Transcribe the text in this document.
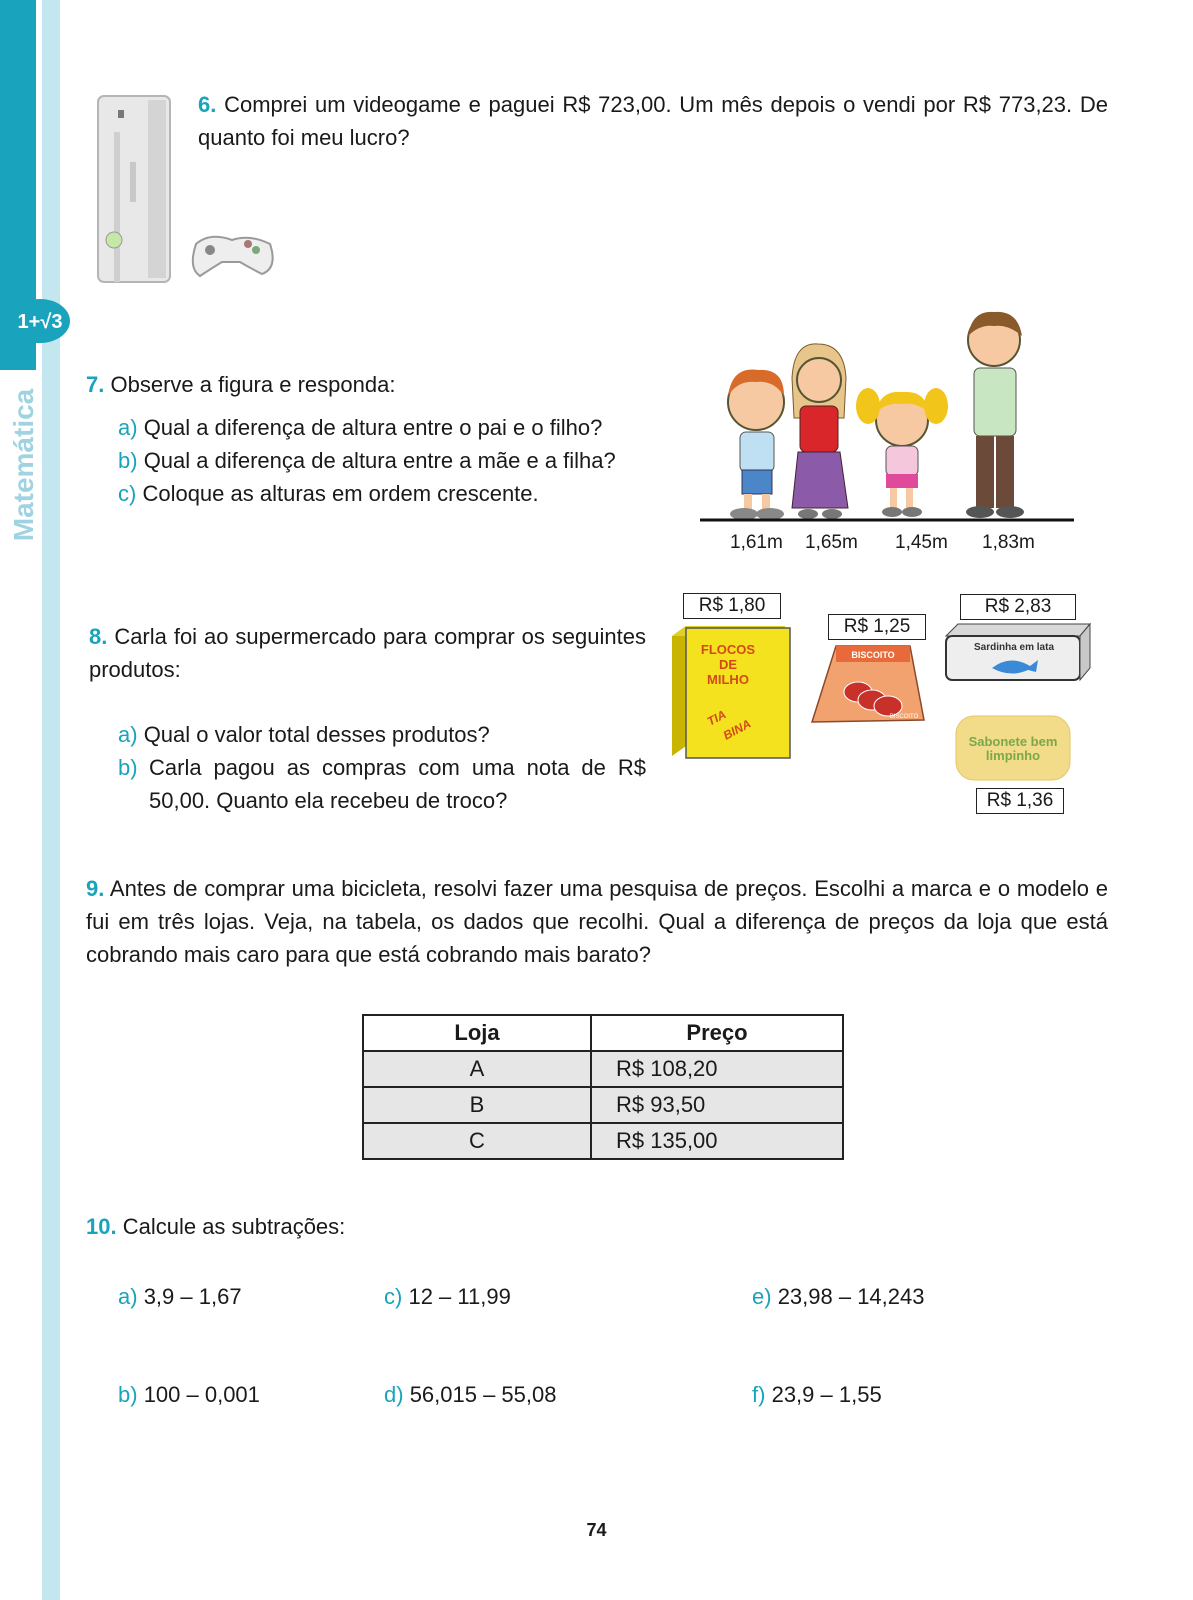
1+√3
Matemática
6. Comprei um videogame e paguei R$ 723,00. Um mês depois o vendi por R$ 773,23. De quanto foi meu lucro?
7. Observe a figura e responda:
a) Qual a diferença de altura entre o pai e o filho?
b) Qual a diferença de altura entre a mãe e a filha?
c) Coloque as alturas em ordem crescente.
1,61m 1,65m 1,45m 1,83m
8. Carla foi ao supermercado para comprar os seguintes produtos:
a) Qual o valor total desses produtos?
b) Carla pagou as compras com uma nota de R$ 50,00. Quanto ela recebeu de troco?
R$ 1,80
FLOCOS
DE
MILHO
TIA
BINA
R$ 1,25
BISCOITO
BISCOITO
R$ 2,83
Sardinha em lata
Sabonete bem
limpinho
R$ 1,36
9. Antes de comprar uma bicicleta, resolvi fazer uma pesquisa de preços. Escolhi a marca e o modelo e fui em três lojas. Veja, na tabela, os dados que recolhi. Qual a diferença de preços da loja que está cobrando mais caro para que está cobrando mais barato?
Loja	Preço
A	R$ 108,20
B	R$ 93,50
C	R$ 135,00
10. Calcule as subtrações:
a) 3,9 – 1,67
b) 100 – 0,001
c) 12 – 11,99
d) 56,015 – 55,08
e) 23,98 – 14,243
f) 23,9 – 1,55
74
